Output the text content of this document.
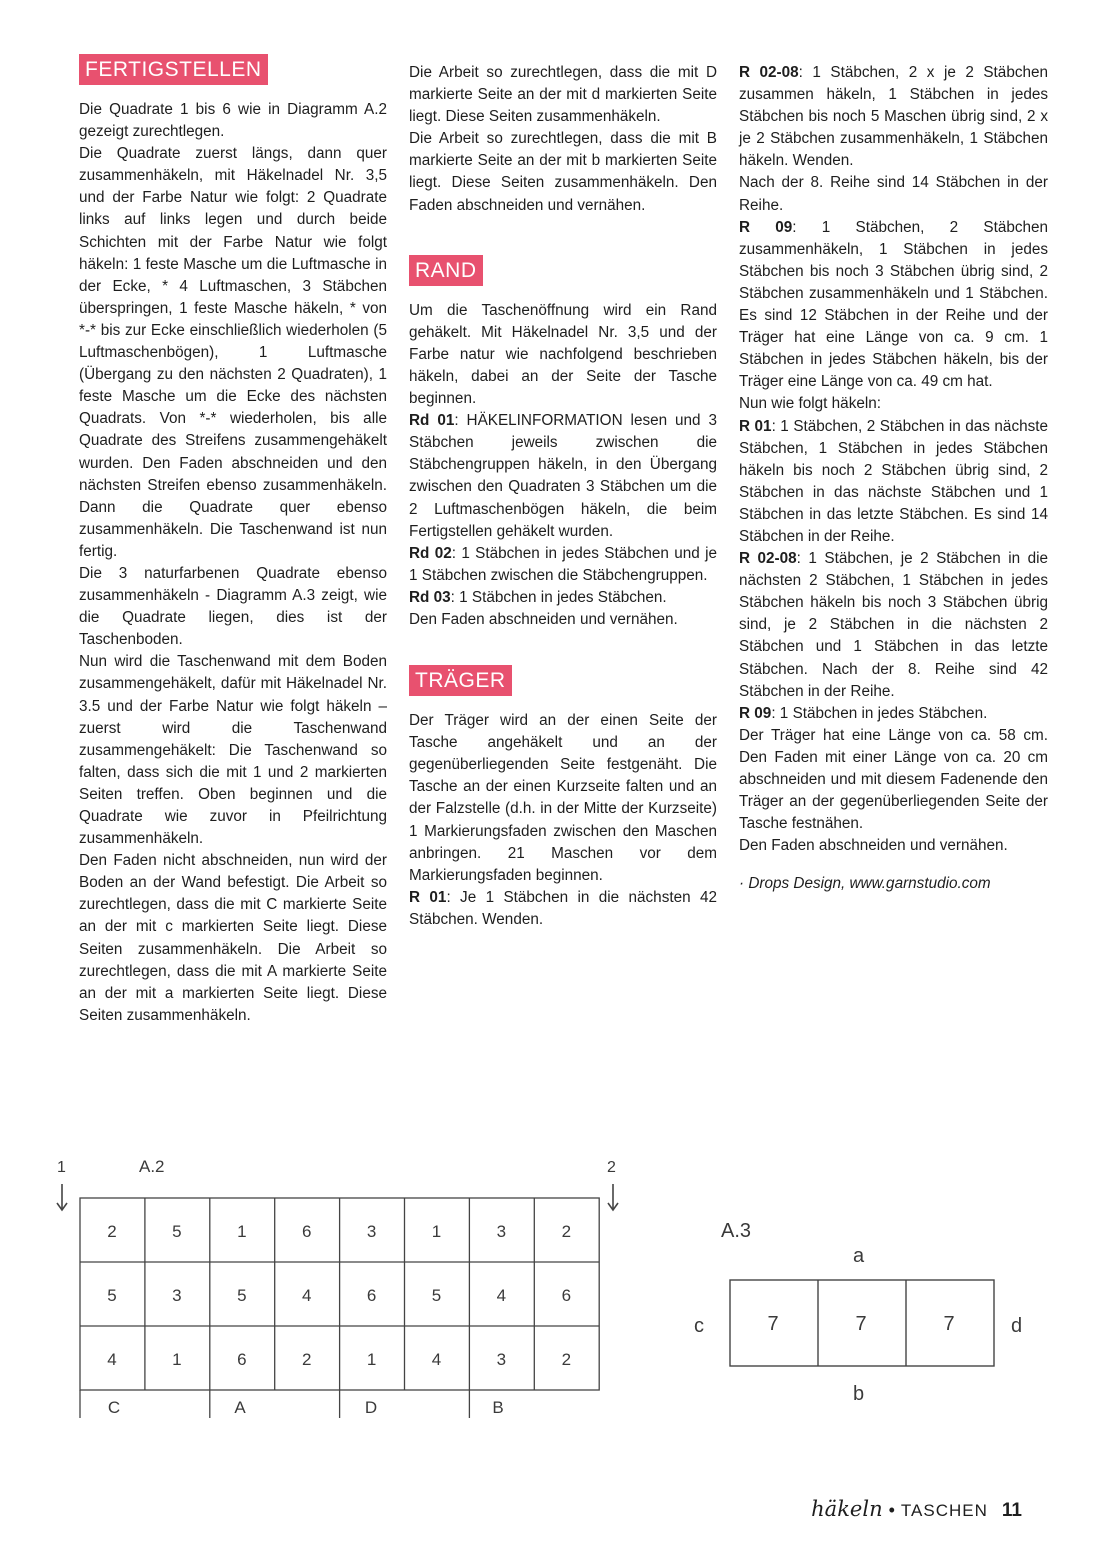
FERTIGSTELLEN

Die Quadrate 1 bis 6 wie in Diagramm A.2 gezeigt zurechtlegen.

Die Quadrate zuerst längs, dann quer zusammenhäkeln, mit Häkelnadel Nr. 3,5 und der Farbe Natur wie folgt: 2 Quadrate links auf links legen und durch beide Schichten mit der Farbe Natur wie folgt häkeln: 1 feste Masche um die Luftmasche in der Ecke, * 4 Luftmaschen, 3 Stäbchen überspringen, 1 feste Masche häkeln, * von *-* bis zur Ecke einschließlich wiederholen (5 Luftmaschenbögen), 1 Luftmasche (Übergang zu den nächsten 2 Quadraten), 1 feste Masche um die Ecke des nächsten Quadrats. Von *-* wiederholen, bis alle Quadrate des Streifens zusammengehäkelt wurden. Den Faden abschneiden und den nächsten Streifen ebenso zusammenhäkeln. Dann die Quadrate quer ebenso zusammenhäkeln. Die Taschenwand ist nun fertig.

Die 3 naturfarbenen Quadrate ebenso zusammenhäkeln - Diagramm A.3 zeigt, wie die Quadrate liegen, dies ist der Taschenboden.

Nun wird die Taschenwand mit dem Boden zusammengehäkelt, dafür mit Häkelnadel Nr. 3.5 und der Farbe Natur wie folgt häkeln – zuerst wird die Taschenwand zusammengehäkelt: Die Taschenwand so falten, dass sich die mit 1 und 2 markierten Seiten treffen. Oben beginnen und die Quadrate wie zuvor in Pfeilrichtung zusammenhäkeln.

Den Faden nicht abschneiden, nun wird der Boden an der Wand befestigt. Die Arbeit so zurechtlegen, dass die mit C markierte Seite an der mit c markierten Seite liegt. Diese Seiten zusammenhäkeln. Die Arbeit so zurechtlegen, dass die mit A markierte Seite an der mit a markierten Seite liegt. Diese Seiten zusammenhäkeln.

Die Arbeit so zurechtlegen, dass die mit D markierte Seite an der mit d markierten Seite liegt. Diese Seiten zusammenhäkeln.

Die Arbeit so zurechtlegen, dass die mit B markierte Seite an der mit b markierten Seite liegt. Diese Seiten zusammenhäkeln. Den Faden abschneiden und vernähen.

RAND

Um die Taschenöffnung wird ein Rand gehäkelt. Mit Häkelnadel Nr. 3,5 und der Farbe natur wie nachfolgend beschrieben häkeln, dabei an der Seite der Tasche beginnen.

Rd 01: HÄKELINFORMATION lesen und 3 Stäbchen jeweils zwischen die Stäbchengruppen häkeln, in den Übergang zwischen den Quadraten 3 Stäbchen um die 2 Luftmaschenbögen häkeln, die beim Fertigstellen gehäkelt wurden.

Rd 02: 1 Stäbchen in jedes Stäbchen und je 1 Stäbchen zwischen die Stäbchengruppen.

Rd 03: 1 Stäbchen in jedes Stäbchen.

Den Faden abschneiden und vernähen.

TRÄGER

Der Träger wird an der einen Seite der Tasche angehäkelt und an der gegenüberliegenden Seite festgenäht. Die Tasche an der einen Kurzseite falten und an der Falzstelle (d.h. in der Mitte der Kurzseite) 1 Markierungsfaden zwischen den Maschen anbringen. 21 Maschen vor dem Markierungsfaden beginnen.

R 01: Je 1 Stäbchen in die nächsten 42 Stäbchen. Wenden.

R 02-08: 1 Stäbchen, 2 x je 2 Stäbchen zusammen häkeln, 1 Stäbchen in jedes Stäbchen bis noch 5 Maschen übrig sind, 2 x je 2 Stäbchen zusammenhäkeln, 1 Stäbchen häkeln. Wenden.

Nach der 8. Reihe sind 14 Stäbchen in der Reihe.

R 09: 1 Stäbchen, 2 Stäbchen zusammenhäkeln, 1 Stäbchen in jedes Stäbchen bis noch 3 Stäbchen übrig sind, 2 Stäbchen zusammenhäkeln und 1 Stäbchen. Es sind 12 Stäbchen in der Reihe und der Träger hat eine Länge von ca. 9 cm. 1 Stäbchen in jedes Stäbchen häkeln, bis der Träger eine Länge von ca. 49 cm hat.

Nun wie folgt häkeln:

R 01: 1 Stäbchen, 2 Stäbchen in das nächste Stäbchen, 1 Stäbchen in jedes Stäbchen häkeln bis noch 2 Stäbchen übrig sind, 2 Stäbchen in das nächste Stäbchen und 1 Stäbchen in das letzte Stäbchen. Es sind 14 Stäbchen in der Reihe.

R 02-08: 1 Stäbchen, je 2 Stäbchen in die nächsten 2 Stäbchen, 1 Stäbchen in jedes Stäbchen häkeln bis noch 3 Stäbchen übrig sind, je 2 Stäbchen in die nächsten 2 Stäbchen und 1 Stäbchen in das letzte Stäbchen. Nach der 8. Reihe sind 42 Stäbchen in der Reihe.

R 09: 1 Stäbchen in jedes Stäbchen.

Der Träger hat eine Länge von ca. 58 cm. Den Faden mit einer Länge von ca. 20 cm abschneiden und mit diesem Fadenende den Träger an der gegenüberliegenden Seite der Tasche festnähen.

Den Faden abschneiden und vernähen.

· Drops Design, www.garnstudio.com

A.2
1	2
2	5	1	6	3	1	3	2
5	3	5	4	6	5	4	6
4	1	6	2	1	4	3	2
C	A	D	B
A.3
a
b
c	d
7	7	7
häkeln • TASCHEN 11
